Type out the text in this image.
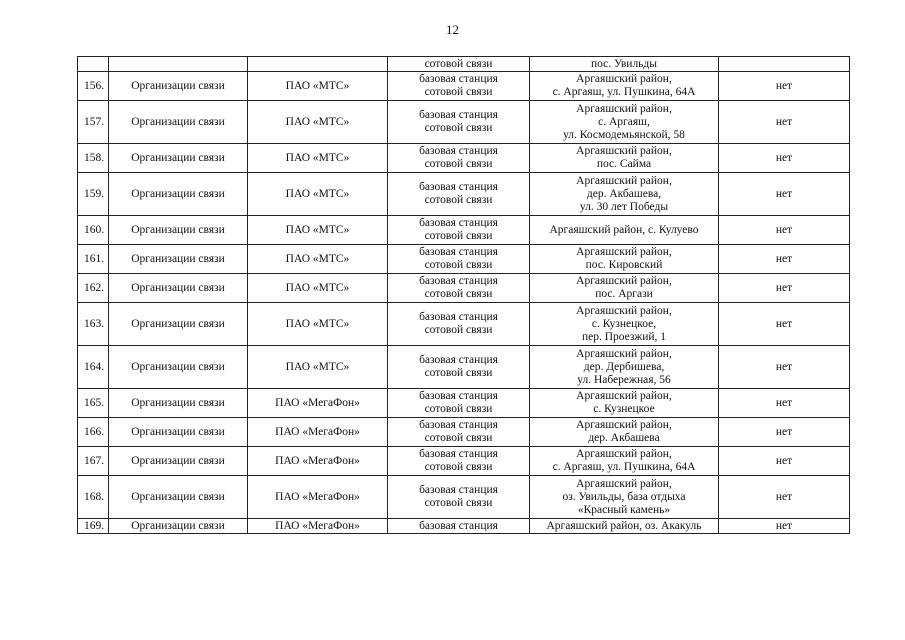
12

			сотовой связи	пос. Увильды	

156.	Организации связи	ПАО «МТС»	базовая станция
сотовой связи	Аргаяшский район,
с. Аргаяш, ул. Пушкина, 64А	нет
157.	Организации связи	ПАО «МТС»	базовая станция
сотовой связи	Аргаяшский район,
с. Аргаяш,
ул. Космодемьянской, 58	нет
158.	Организации связи	ПАО «МТС»	базовая станция
сотовой связи	Аргаяшский район,
пос. Сайма	нет
159.	Организации связи	ПАО «МТС»	базовая станция
сотовой связи	Аргаяшский район,
дер. Акбашева,
ул. 30 лет Победы	нет
160.	Организации связи	ПАО «МТС»	базовая станция
сотовой связи	Аргаяшский район, с. Кулуево	нет
161.	Организации связи	ПАО «МТС»	базовая станция
сотовой связи	Аргаяшский район,
пос. Кировский	нет
162.	Организации связи	ПАО «МТС»	базовая станция
сотовой связи	Аргаяшский район,
пос. Аргази	нет
163.	Организации связи	ПАО «МТС»	базовая станция
сотовой связи	Аргаяшский район,
с. Кузнецкое,
пер. Проезжий, 1	нет
164.	Организации связи	ПАО «МТС»	базовая станция
сотовой связи	Аргаяшский район,
дер. Дербишева,
ул. Набережная, 56	нет
165.	Организации связи	ПАО «МегаФон»	базовая станция
сотовой связи	Аргаяшский район,
с. Кузнецкое	нет
166.	Организации связи	ПАО «МегаФон»	базовая станция
сотовой связи	Аргаяшский район,
дер. Акбашева	нет
167.	Организации связи	ПАО «МегаФон»	базовая станция
сотовой связи	Аргаяшский район,
с. Аргаяш, ул. Пушкина, 64А	нет
168.	Организации связи	ПАО «МегаФон»	базовая станция
сотовой связи	Аргаяшский район,
оз. Увильды, база отдыха
«Красный камень»	нет
169.	Организации связи	ПАО «МегаФон»	базовая станция	Аргаяшский район, оз. Акакуль	нет
